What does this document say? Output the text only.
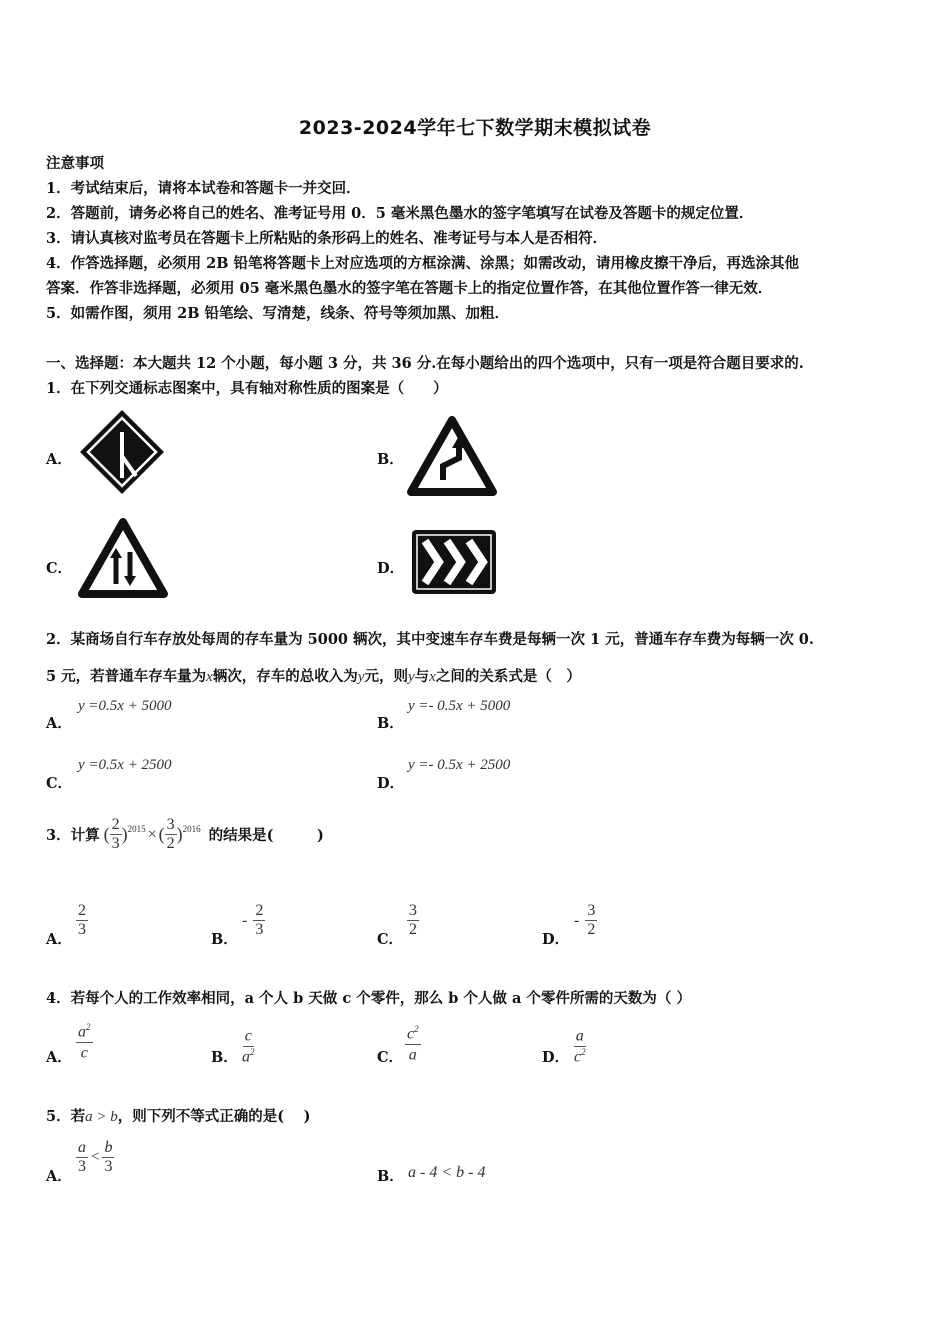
2023-2024学年七下数学期末模拟试卷
注意事项
1．考试结束后，请将本试卷和答题卡一并交回．
2．答题前，请务必将自己的姓名、准考证号用 0．5 毫米黑色墨水的签字笔填写在试卷及答题卡的规定位置．
3．请认真核对监考员在答题卡上所粘贴的条形码上的姓名、准考证号与本人是否相符．
4．作答选择题，必须用 2B 铅笔将答题卡上对应选项的方框涂满、涂黑；如需改动，请用橡皮擦干净后，再选涂其他
答案．作答非选择题，必须用 05 毫米黑色墨水的签字笔在答题卡上的指定位置作答，在其他位置作答一律无效．
5．如需作图，须用 2B 铅笔绘、写清楚，线条、符号等须加黑、加粗．
一、选择题：本大题共 12 个小题，每小题 3 分，共 36 分.在每小题给出的四个选项中，只有一项是符合题目要求的.
1．在下列交通标志图案中，具有轴对称性质的图案是（　　）
A．	B．
C．	D．
2．某商场自行车存放处每周的存车量为 5000 辆次，其中变速车存车费是每辆一次 1 元，普通车存车费为每辆一次 0.
5 元，若普通车存车量为x辆次，存车的总收入为y元，则y与x之间的关系式是（　）
A．
y =0.5x + 5000
B．
y =- 0.5x + 5000
C．
y =0.5x + 2500
D．
y =- 0.5x + 2500
3．计算 ( $\frac{2}{3}$ ) 2015 × ( $\frac{3}{2}$ ) 2016 的结果是(　　　)
A． $\frac{2}{3}$	B．
- $\frac{2}{3}$	C． $\frac{3}{2}$	D．
- $\frac{3}{2}$
4．若每个人的工作效率相同，a 个人 b 天做 c 个零件，那么 b 个人做 a 个零件所需的天数为（ ）
A． $\frac{a^2}{c}$	B． $\frac{c}{a^2}$	C． $\frac{c^2}{a}$	D． $\frac{a}{c^2}$
5．若a > b，则下列不等式正确的是(　 )
A． $\frac{a}{3} < \frac{b}{3}$	B． a - 4 < b - 4
